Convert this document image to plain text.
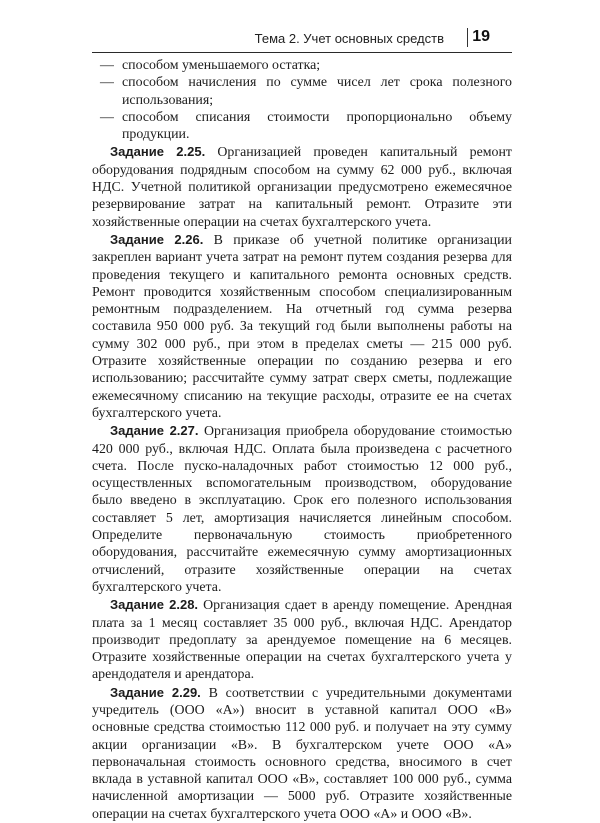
Тема 2. Учет основных средств 19
— способом уменьшаемого остатка;
— способом начисления по сумме чисел лет срока полезного использования;
— способом списания стоимости пропорционально объему продукции.

Задание 2.25. Организацией проведен капитальный ремонт оборудования подрядным способом на сумму 62 000 руб., включая НДС. Учетной политикой организации предусмотрено ежемесячное резервирование затрат на капитальный ремонт. Отразите эти хозяйственные операции на счетах бухгалтерского учета.

Задание 2.26. В приказе об учетной политике организации закреплен вариант учета затрат на ремонт путем создания резерва для проведения текущего и капитального ремонта основных средств. Ремонт проводится хозяйственным способом специализированным ремонтным подразделением. На отчетный год сумма резерва составила 950 000 руб. За текущий год были выполнены работы на сумму 302 000 руб., при этом в пределах сметы — 215 000 руб. Отразите хозяйственные операции по созданию резерва и его использованию; рассчитайте сумму затрат сверх сметы, подлежащие ежемесячному списанию на текущие расходы, отразите ее на счетах бухгалтерского учета.

Задание 2.27. Организация приобрела оборудование стоимостью 420 000 руб., включая НДС. Оплата была произведена с расчетного счета. После пуско-наладочных работ стоимостью 12 000 руб., осуществленных вспомогательным производством, оборудование было введено в эксплуатацию. Срок его полезного использования составляет 5 лет, амортизация начисляется линейным способом. Определите первоначальную стоимость приобретенного оборудования, рассчитайте ежемесячную сумму амортизационных отчислений, отразите хозяйственные операции на счетах бухгалтерского учета.

Задание 2.28. Организация сдает в аренду помещение. Арендная плата за 1 месяц составляет 35 000 руб., включая НДС. Арендатор производит предоплату за арендуемое помещение на 6 месяцев. Отразите хозяйственные операции на счетах бухгалтерского учета у арендодателя и арендатора.

Задание 2.29. В соответствии с учредительными документами учредитель (ООО «А») вносит в уставной капитал ООО «В» основные средства стоимостью 112 000 руб. и получает на эту сумму акции организации «В». В бухгалтерском учете ООО «А» первоначальная стоимость основного средства, вносимого в счет вклада в уставной капитал ООО «В», составляет 100 000 руб., сумма начисленной амортизации — 5000 руб. Отразите хозяйственные операции на счетах бухгалтерского учета ООО «А» и ООО «В».
